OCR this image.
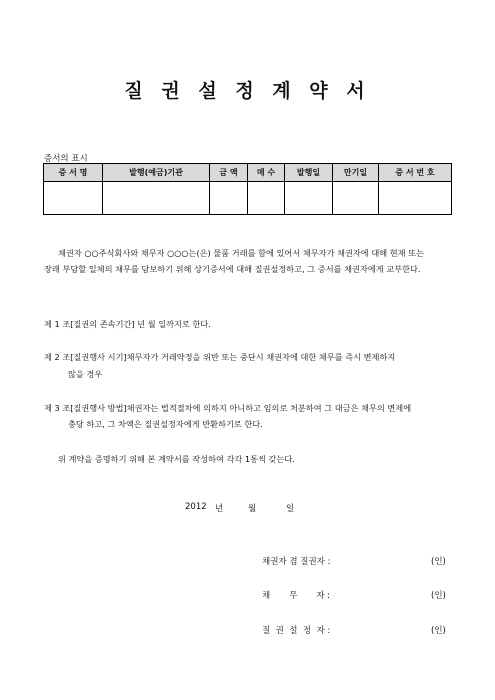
질 권 설 정 계 약 서
증서의 표시
증 서 명	발행(예금)기관	금 액	매 수	발행일	만기일	증 서 번 호

채권자 ○○주식회사와 채무자 ○○○는(은) 물품 거래를 함에 있어서 채무자가 채권자에 대해 현재 또는
장래 부담할 일체의 채무를 담보하기 위해 상기증서에 대해 질권설정하고, 그 증서를 채권자에게 교부한다.
제 1 조[질권의 존속기간] 년 월 일까지로 한다.
제 2 조[질권행사 시기]채무자가 거래약정을 위반 또는 중단시 채권자에 대한 채무를 즉시 변제하지
않을 경우
제 3 조[질권행사 방법]채권자는 법적절차에 의하지 아니하고 임의로 처분하여 그 대금은 채무의 변제에
충당 하고, 그 차액은 질권설정자에게 반환하기로 한다.
위 계약을 증명하기 위해 본 계약서를 작성하여 각각 1통씩 갖는다.
2012 년	월	일
채권자 겸 질권자 :	(인)
채       무       자 :	(인)
질  권  설  정  자 :	(인)
